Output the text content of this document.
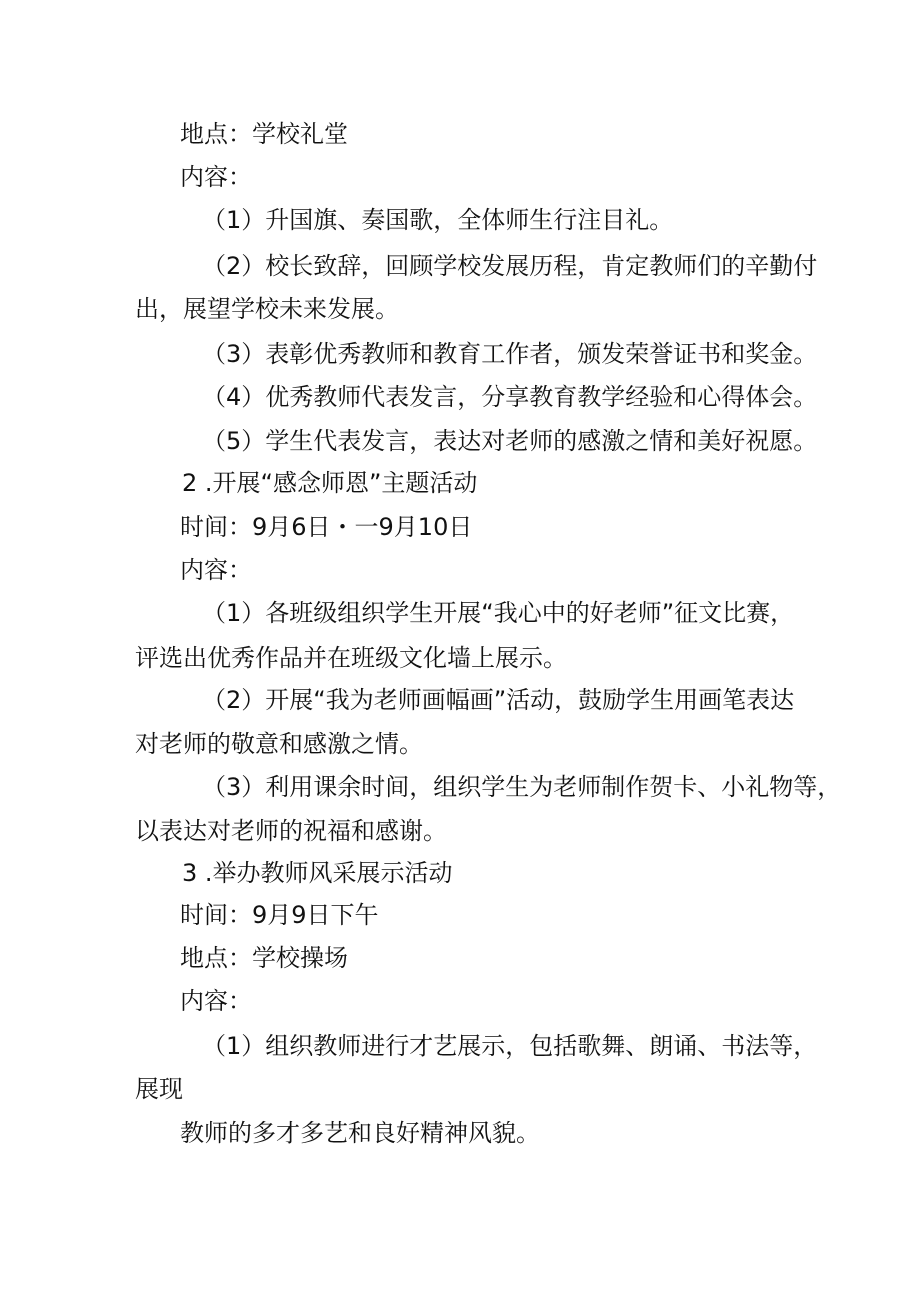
地点：学校礼堂
内容：
（1）升国旗、奏国歌，全体师生行注目礼。
（2）校长致辞，回顾学校发展历程，肯定教师们的辛勤付
出，展望学校未来发展。
（3）表彰优秀教师和教育工作者，颁发荣誉证书和奖金。
（4）优秀教师代表发言，分享教育教学经验和心得体会。
（5）学生代表发言，表达对老师的感激之情和美好祝愿。
2 .开展“感念师恩”主题活动
时间：9月6日・一9月10日
内容：
（1）各班级组织学生开展“我心中的好老师”征文比赛，
评选出优秀作品并在班级文化墙上展示。
（2）开展“我为老师画幅画”活动，鼓励学生用画笔表达
对老师的敬意和感激之情。
（3）利用课余时间，组织学生为老师制作贺卡、小礼物等，
以表达对老师的祝福和感谢。
3 .举办教师风采展示活动
时间：9月9日下午
地点：学校操场
内容：
（1）组织教师进行才艺展示，包括歌舞、朗诵、书法等，
展现
教师的多才多艺和良好精神风貌。
